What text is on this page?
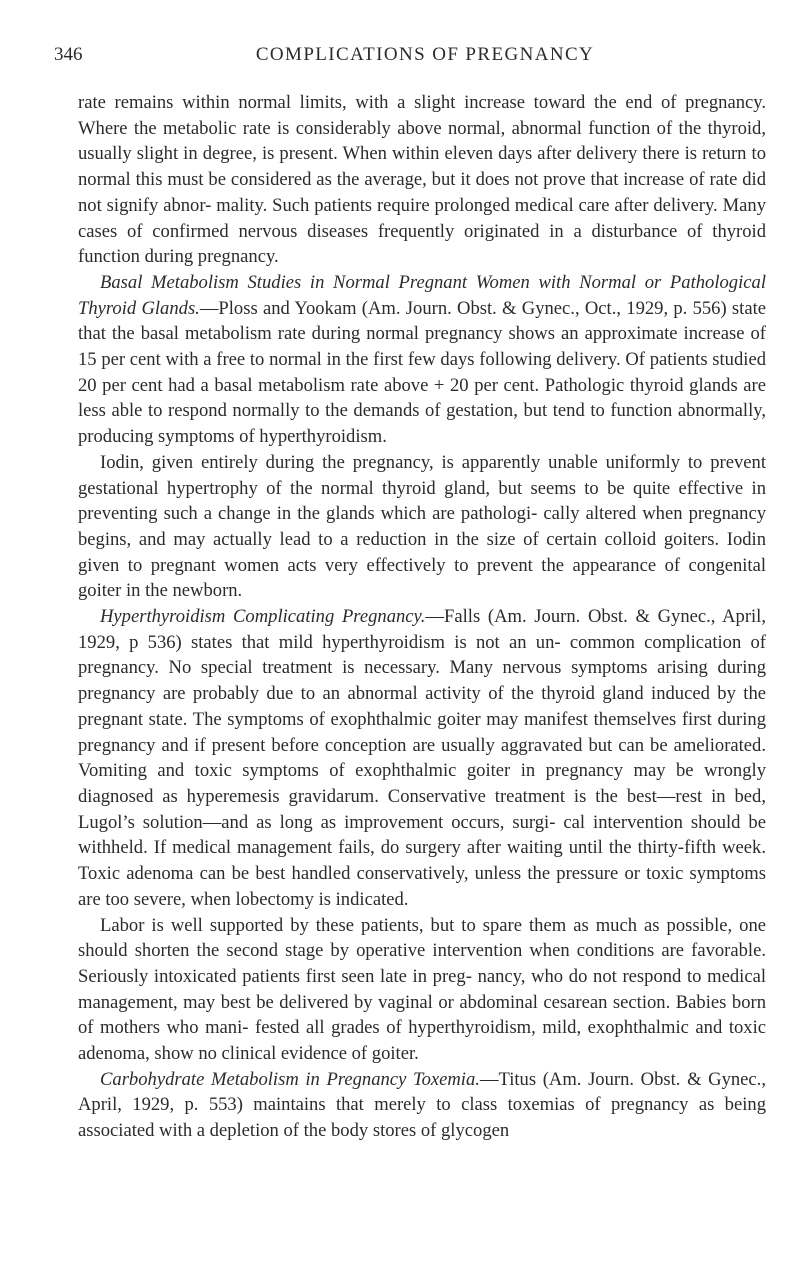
346	COMPLICATIONS OF PREGNANCY

rate remains within normal limits, with a slight increase toward the end of pregnancy. Where the metabolic rate is considerably above normal, abnormal function of the thyroid, usually slight in degree, is present. When within eleven days after delivery there is return to normal this must be considered as the average, but it does not prove that increase of rate did not signify abnor- mality. Such patients require prolonged medical care after delivery. Many cases of confirmed nervous diseases frequently originated in a disturbance of thyroid function during pregnancy.

Basal Metabolism Studies in Normal Pregnant Women with Normal or Pathological Thyroid Glands.—Ploss and Yookam (Am. Journ. Obst. & Gynec., Oct., 1929, p. 556) state that the basal metabolism rate during normal pregnancy shows an approximate increase of 15 per cent with a free to normal in the first few days following delivery. Of patients studied 20 per cent had a basal metabolism rate above + 20 per cent. Pathologic thyroid glands are less able to respond normally to the demands of gestation, but tend to function abnormally, producing symptoms of hyperthyroidism.

Iodin, given entirely during the pregnancy, is apparently unable uniformly to prevent gestational hypertrophy of the normal thyroid gland, but seems to be quite effective in preventing such a change in the glands which are pathologi- cally altered when pregnancy begins, and may actually lead to a reduction in the size of certain colloid goiters. Iodin given to pregnant women acts very effectively to prevent the appearance of congenital goiter in the newborn.

Hyperthyroidism Complicating Pregnancy.—Falls (Am. Journ. Obst. & Gynec., April, 1929, p 536) states that mild hyperthyroidism is not an un- common complication of pregnancy. No special treatment is necessary. Many nervous symptoms arising during pregnancy are probably due to an abnormal activity of the thyroid gland induced by the pregnant state. The symptoms of exophthalmic goiter may manifest themselves first during pregnancy and if present before conception are usually aggravated but can be ameliorated. Vomiting and toxic symptoms of exophthalmic goiter in pregnancy may be wrongly diagnosed as hyperemesis gravidarum. Conservative treatment is the best—rest in bed, Lugol’s solution—and as long as improvement occurs, surgi- cal intervention should be withheld. If medical management fails, do surgery after waiting until the thirty-fifth week. Toxic adenoma can be best handled conservatively, unless the pressure or toxic symptoms are too severe, when lobectomy is indicated.

Labor is well supported by these patients, but to spare them as much as possible, one should shorten the second stage by operative intervention when conditions are favorable. Seriously intoxicated patients first seen late in preg- nancy, who do not respond to medical management, may best be delivered by vaginal or abdominal cesarean section. Babies born of mothers who mani- fested all grades of hyperthyroidism, mild, exophthalmic and toxic adenoma, show no clinical evidence of goiter.

Carbohydrate Metabolism in Pregnancy Toxemia.—Titus (Am. Journ. Obst. & Gynec., April, 1929, p. 553) maintains that merely to class toxemias of pregnancy as being associated with a depletion of the body stores of glycogen
